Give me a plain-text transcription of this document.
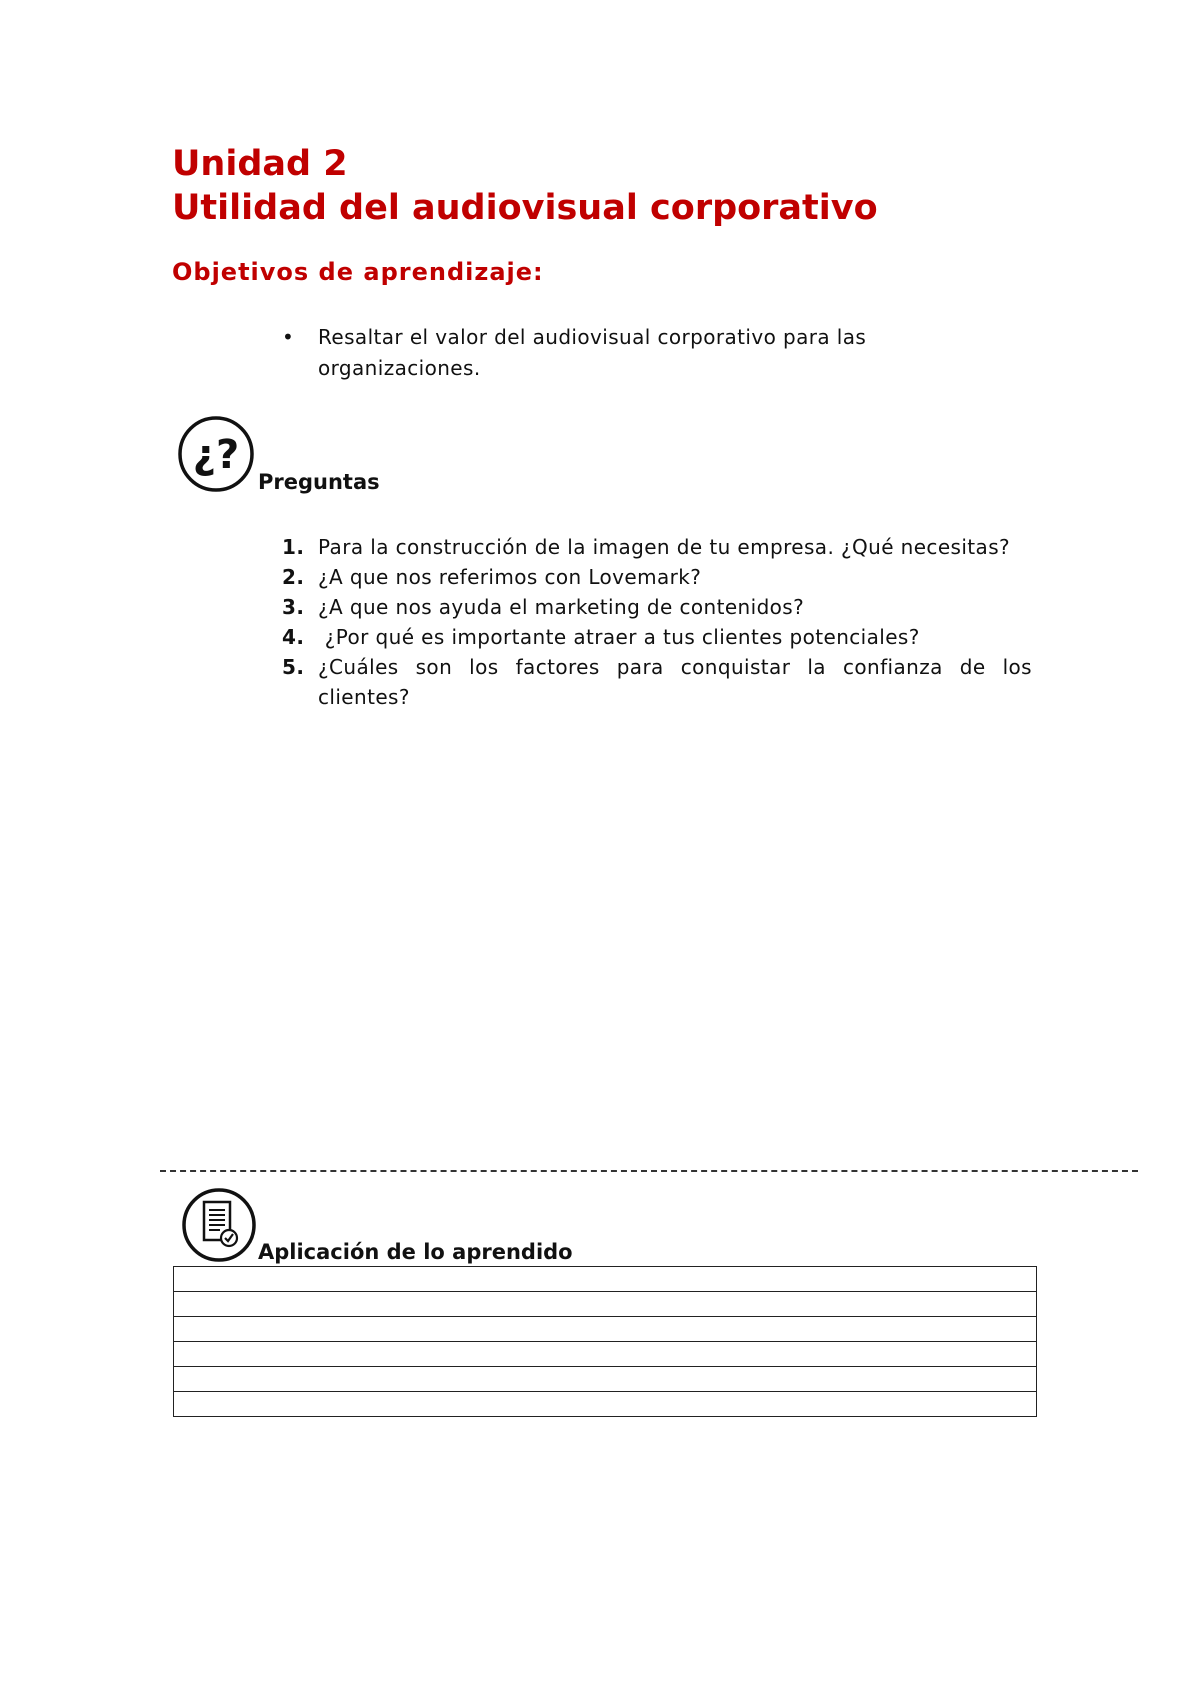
Unidad 2
Utilidad del audiovisual corporativo
Objetivos de aprendizaje:
• Resaltar el valor del audiovisual corporativo para las organizaciones.
¿?
Preguntas
1. Para la construcción de la imagen de tu empresa. ¿Qué necesitas?
2. ¿A que nos referimos con Lovemark?
3. ¿A que nos ayuda el marketing de contenidos?
4. ¿Por qué es importante atraer a tus clientes potenciales?
5. ¿Cuáles son los factores para conquistar la confianza de los clientes?
Aplicación de lo aprendido
